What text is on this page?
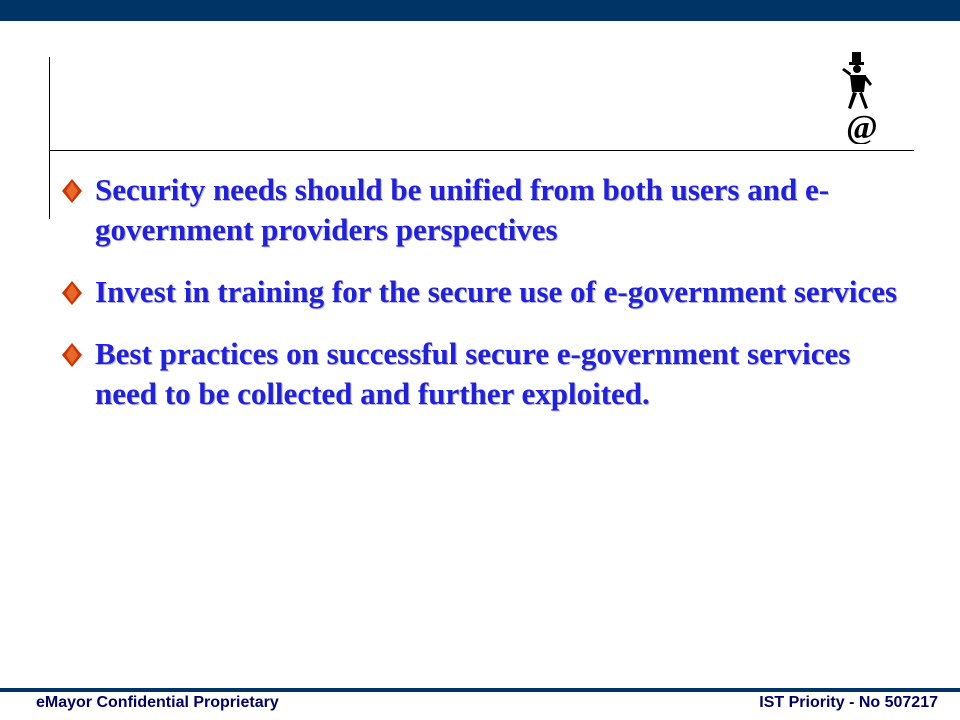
@
Security needs should be unified from both users and e-government providers perspectives
Invest in training for the secure use of e-government services
Best practices on successful secure e-government services need to be collected and further exploited.
eMayor Confidential Proprietary	IST Priority - No 507217
